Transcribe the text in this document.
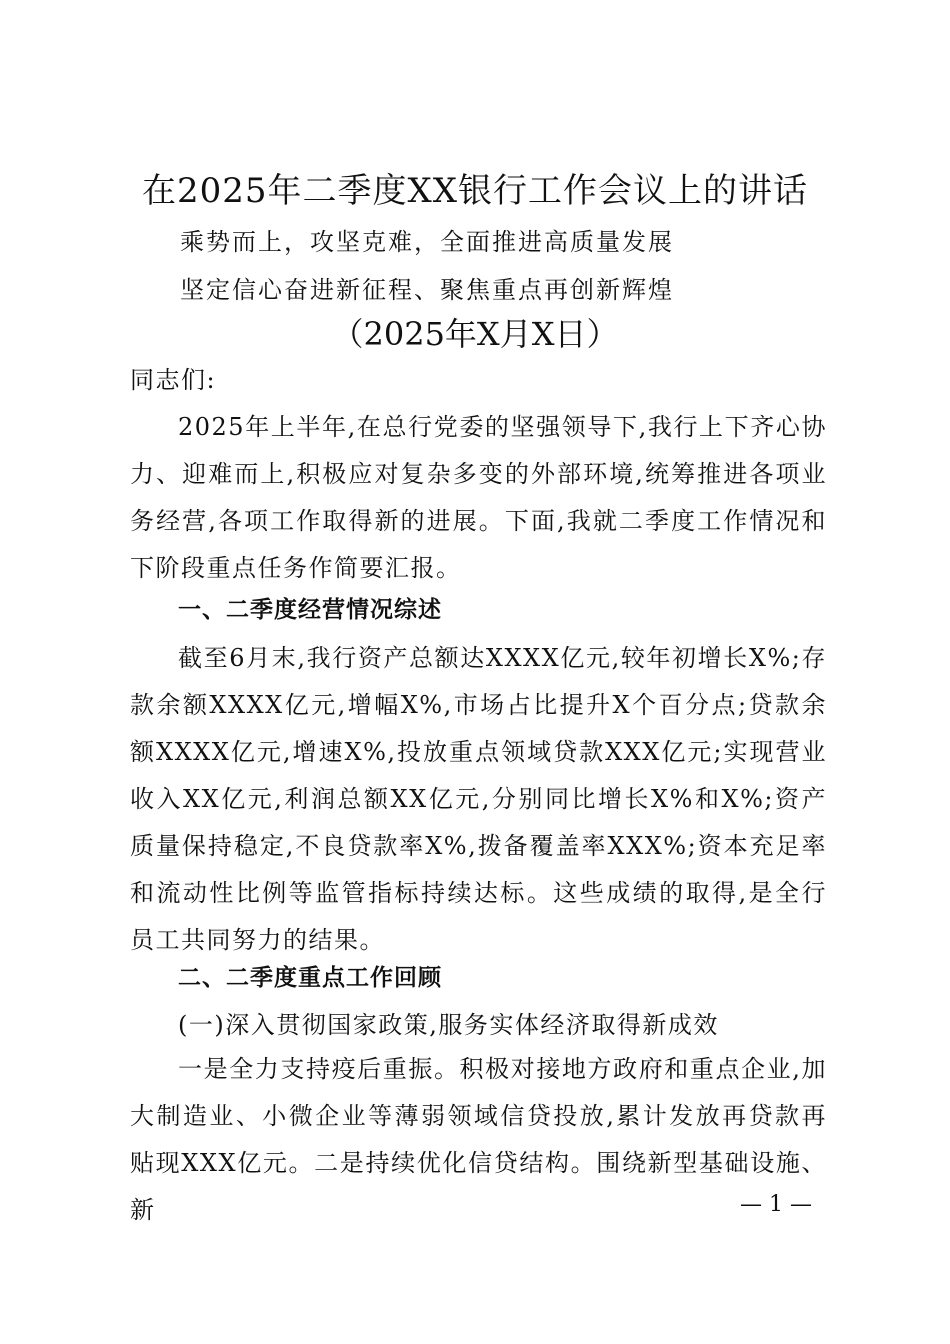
在2025年二季度XX银行工作会议上的讲话
乘势而上，攻坚克难，全面推进高质量发展
坚定信心奋进新征程、聚焦重点再创新辉煌
（2025年X月X日）
同志们:
2025年上半年,在总行党委的坚强领导下,我行上下齐心协力、迎难而上,积极应对复杂多变的外部环境,统筹推进各项业务经营,各项工作取得新的进展。下面,我就二季度工作情况和下阶段重点任务作简要汇报。
一、二季度经营情况综述
截至6月末,我行资产总额达XXXX亿元,较年初增长X%;存款余额XXXX亿元,增幅X%,市场占比提升X个百分点;贷款余额XXXX亿元,增速X%,投放重点领域贷款XXX亿元;实现营业收入XX亿元,利润总额XX亿元,分别同比增长X%和X%;资产质量保持稳定,不良贷款率X%,拨备覆盖率XXX%;资本充足率和流动性比例等监管指标持续达标。这些成绩的取得,是全行员工共同努力的结果。
二、二季度重点工作回顾
(一)深入贯彻国家政策,服务实体经济取得新成效
一是全力支持疫后重振。积极对接地方政府和重点企业,加大制造业、小微企业等薄弱领域信贷投放,累计发放再贷款再贴现XXX亿元。二是持续优化信贷结构。围绕新型基础设施、新	— 1 —
